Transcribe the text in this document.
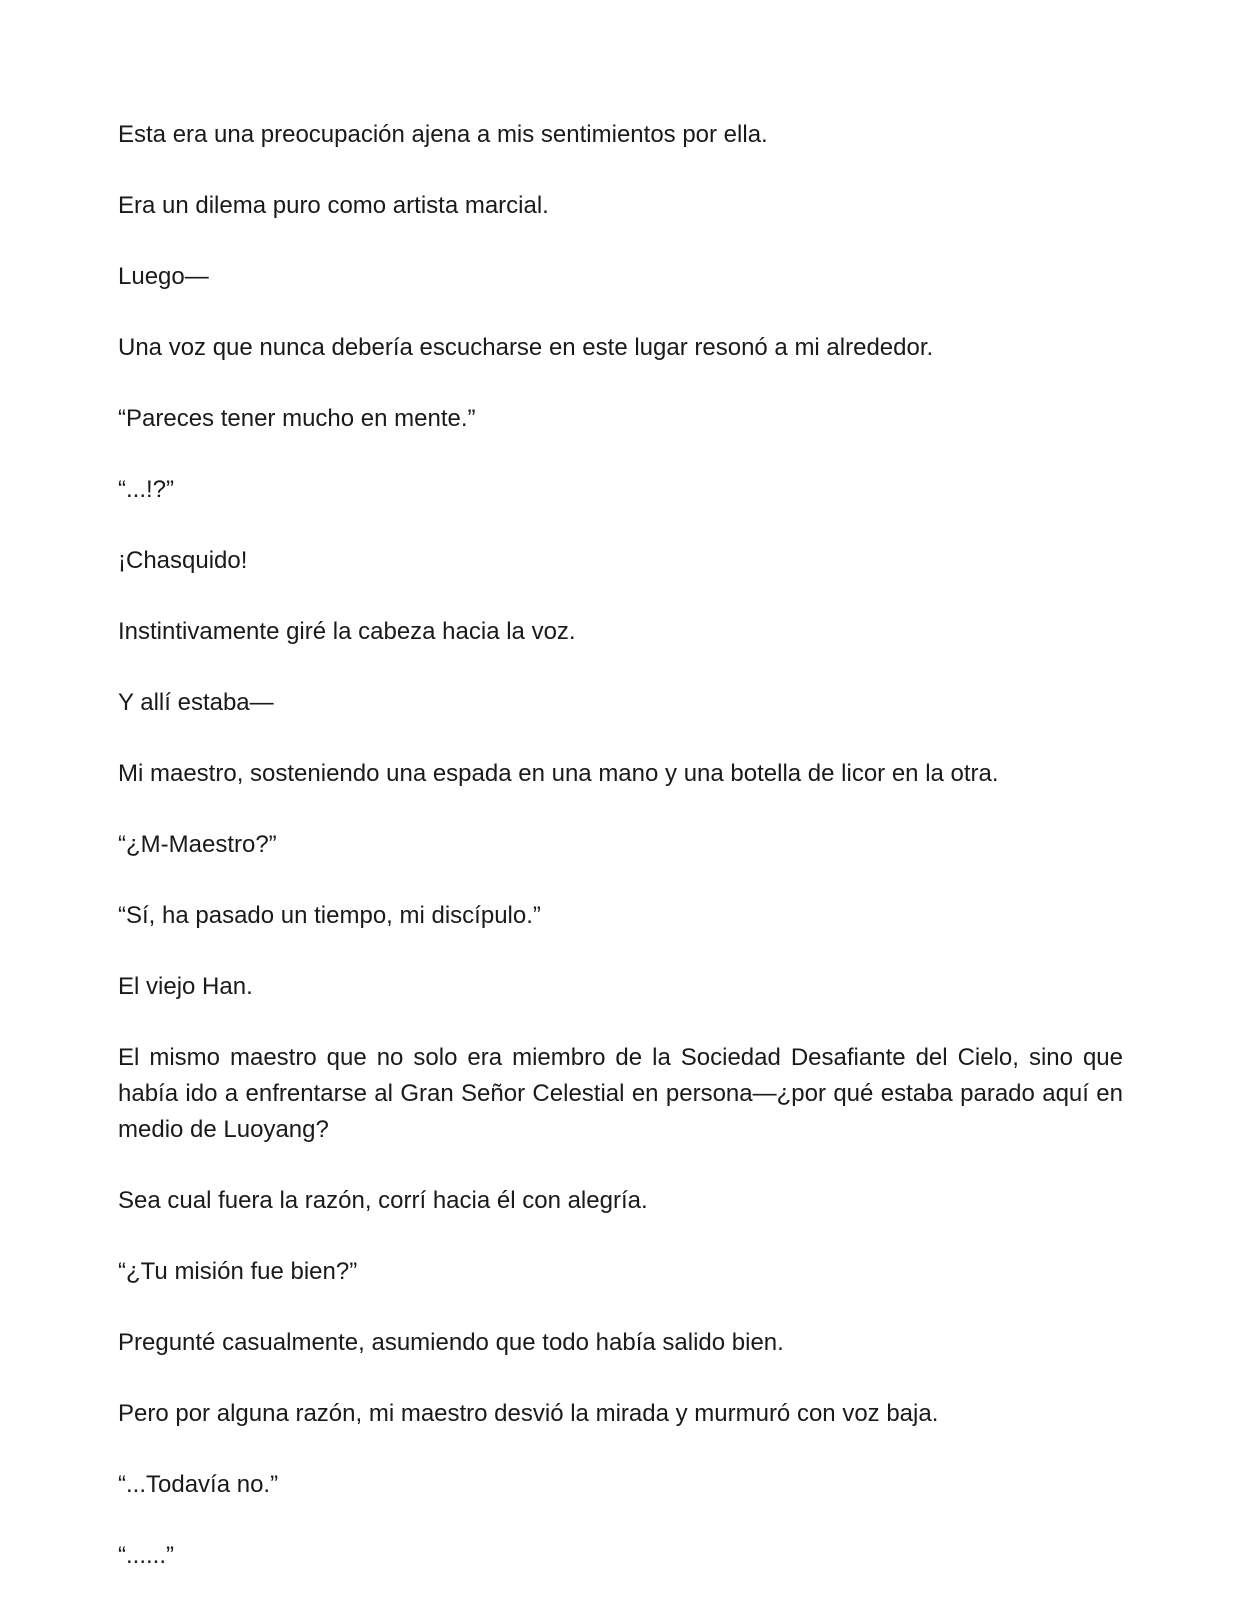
Esta era una preocupación ajena a mis sentimientos por ella.

Era un dilema puro como artista marcial.

Luego—

Una voz que nunca debería escucharse en este lugar resonó a mi alrededor.

“Pareces tener mucho en mente.”

“...!?”

¡Chasquido!

Instintivamente giré la cabeza hacia la voz.

Y allí estaba—

Mi maestro, sosteniendo una espada en una mano y una botella de licor en la otra.

“¿M-Maestro?”

“Sí, ha pasado un tiempo, mi discípulo.”

El viejo Han.

El mismo maestro que no solo era miembro de la Sociedad Desafiante del Cielo, sino que había ido a enfrentarse al Gran Señor Celestial en persona—¿por qué estaba parado aquí en medio de Luoyang?

Sea cual fuera la razón, corrí hacia él con alegría.

“¿Tu misión fue bien?”

Pregunté casualmente, asumiendo que todo había salido bien.

Pero por alguna razón, mi maestro desvió la mirada y murmuró con voz baja.

“...Todavía no.”

“......”
